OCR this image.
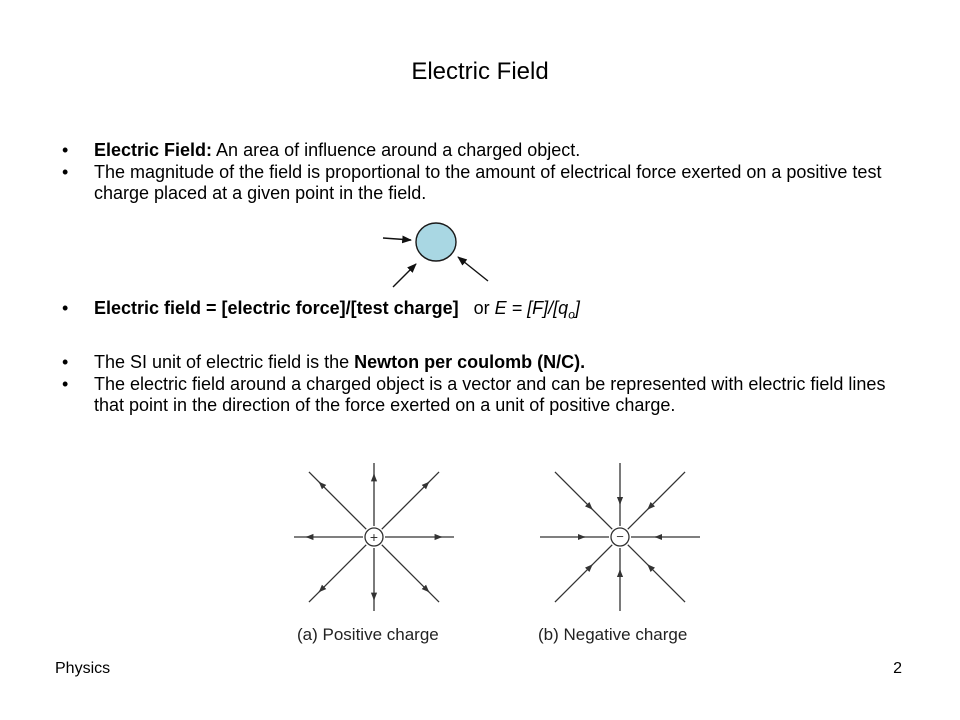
Electric Field
• Electric Field: An area of influence around a charged object.
• The magnitude of the field is proportional to the amount of electrical force exerted on a positive test charge placed at a given point in the field.
+
(a) Positive charge
−
(b) Negative charge
• Electric field = [electric force]/[test charge]   or $E = [F]/[q_o]$
• The SI unit of electric field is the Newton per coulomb (N/C).
• The electric field around a charged object is a vector and can be represented with electric field lines that point in the direction of the force exerted on a unit of positive charge.
Physics	2
